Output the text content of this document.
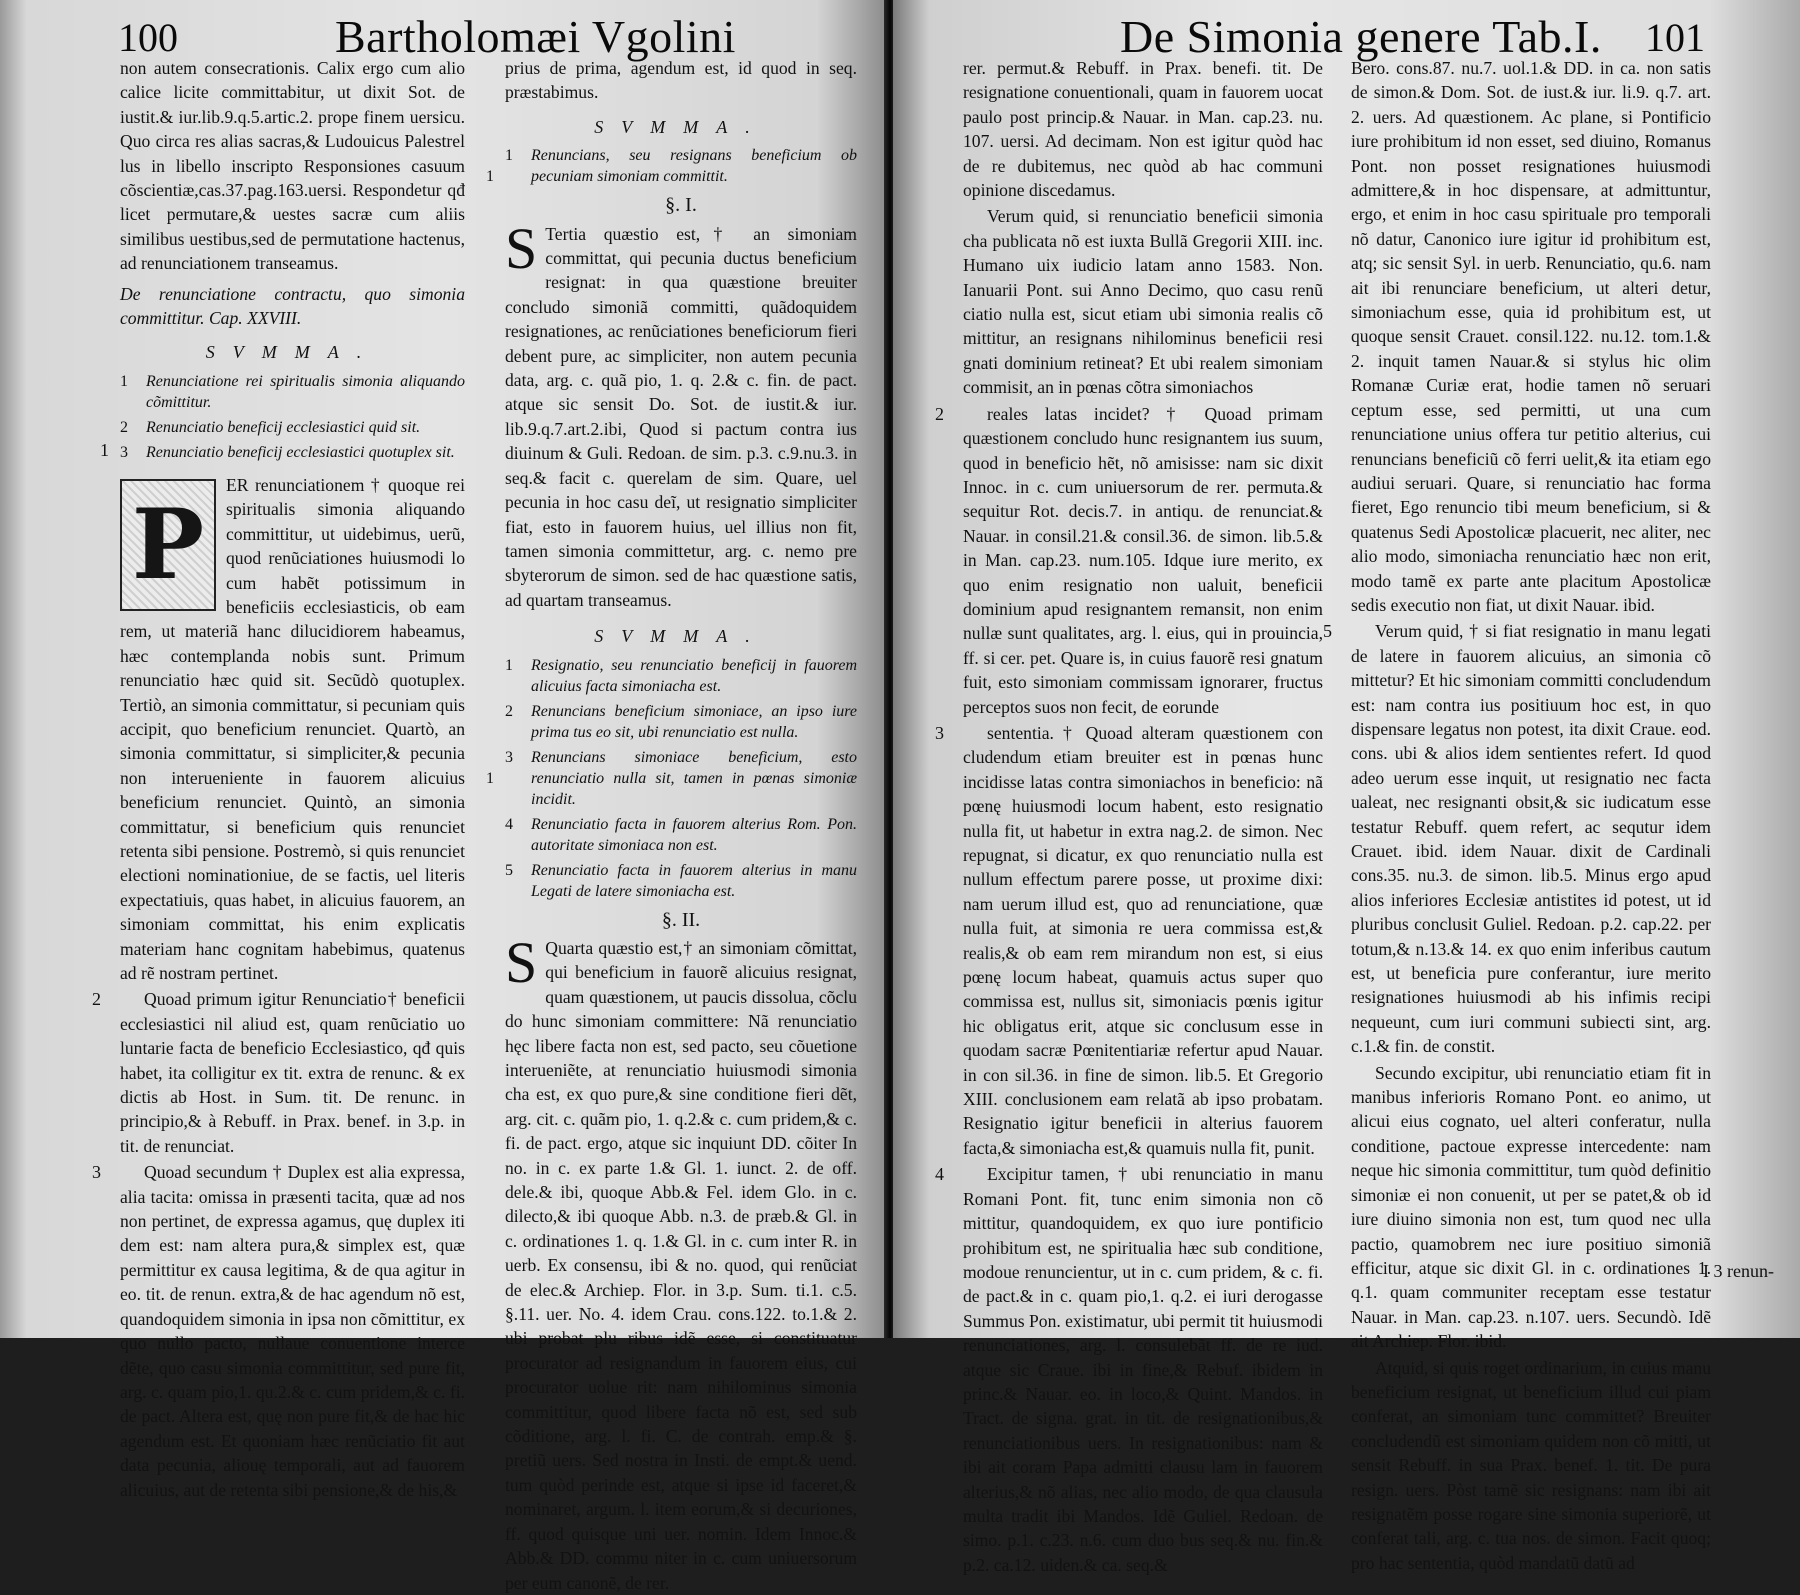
100	Bartholomæi Vgolini

non autem consecrationis. Calix ergo cum alio calice licite committabitur, ut dixit Sot. de iustit.& iur.lib.9.q.5.artic.2. prope finem uersicu. Quo circa res alias sacras,& Ludouicus Palestrel lus in libello inscripto Responsiones casuum cõscientiæ,cas.37.pag.163.uersi. Respondetur qđ licet permutare,& uestes sacræ cum aliis similibus uestibus,sed de permutatione hactenus, ad renunciationem transeamus.

De renunciatione contractu, quo simonia committitur. Cap. XXVIII.

SVMMA.

1 Renunciatione rei spiritualis simonia aliquando cõmittitur.

2 Renunciatio beneficij ecclesiastici quid sit.

3 Renunciatio beneficij ecclesiastici quotuplex sit.

P

ER renunciationem † quoque rei spiritualis simonia aliquando committitur, ut uidebimus, uerũ, quod renũciationes huiusmodi lo cum habẽt potissimum in beneficiis ecclesiasticis, ob eam rem, ut materiã hanc dilucidiorem habeamus, hæc contemplanda nobis sunt. Primum renunciatio hæc quid sit. Secũdò quotuplex. Tertiò, an simonia committatur, si pecuniam quis accipit, quo beneficium renunciet. Quartò, an simonia committatur, si simpliciter,& pecunia non interueniente in fauorem alicuius beneficium renunciet. Quintò, an simonia committatur, si beneficium quis renunciet retenta sibi pensione. Postremò, si quis renunciet electioni nominationiue, de se factis, uel literis expectatiuis, quas habet, in alicuius fauorem, an simoniam committat, his enim explicatis materiam hanc cognitam habebimus, quatenus ad rẽ nostram pertinet.

2 Quoad primum igitur Renunciatio† beneficii ecclesiastici nil aliud est, quam renũciatio uo luntarie facta de beneficio Ecclesiastico, qđ quis habet, ita colligitur ex tit. extra de renunc. & ex dictis ab Host. in Sum. tit. De renunc. in principio,& à Rebuff. in Prax. benef. in 3.p. in tit. de renunciat.

3 Quoad secundum † Duplex est alia expressa, alia tacita: omissa in præsenti tacita, quæ ad nos non pertinet, de expressa agamus, quę duplex iti dem est: nam altera pura,& simplex est, quæ permittitur ex causa legitima, & de qua agitur in eo. tit. de renun. extra,& de hac agendum nõ est, quandoquidem simonia in ipsa non cõmittitur, ex quo nullo pacto, nullaue conuentione interce dẽte, quo casu simonia committitur, sed pure fit, arg. c. quam pio,1. qu.2.& c. cum pridem,& c. fi. de pact. Altera est, quę non pure fit,& de hac hic agendum est. Et quoniam hæc renũciatio fit aut data pecunia, aliouę temporali, aut ad fauorem alicuius, aut de retenta sibi pensione,& de his,&

1

prius de prima, agendum est, id quod in seq. præstabimus.

SVMMA.

1 Renuncians, seu resignans beneficium ob pecuniam simoniam committit.

§. I.

S Tertia quæstio est,† an simoniam committat, qui pecunia ductus beneficium resignat: in qua quæstione breuiter concludo simoniã committi, quãdoquidem resignationes, ac renũciationes beneficiorum fieri debent pure, ac simpliciter, non autem pecunia data, arg. c. quã pio, 1. q. 2.& c. fin. de pact. atque sic sensit Do. Sot. de iustit.& iur. lib.9.q.7.art.2.ibi, Quod si pactum contra ius diuinum & Guli. Redoan. de sim. p.3. c.9.nu.3. in seq.& facit c. querelam de sim. Quare, uel pecunia in hoc casu deĩ, ut resignatio simpliciter fiat, esto in fauorem huius, uel illius non fit, tamen simonia committetur, arg. c. nemo pre sbyterorum de simon. sed de hac quæstione satis, ad quartam transeamus.

SVMMA.

1 Resignatio, seu renunciatio beneficij in fauorem alicuius facta simoniacha est.

2 Renuncians beneficium simoniace, an ipso iure prima tus eo sit, ubi renunciatio est nulla.

3 Renuncians simoniace beneficium, esto renunciatio nulla sit, tamen in pœnas simoniæ incidit.

4 Renunciatio facta in fauorem alterius Rom. Pon. autoritate simoniaca non est.

5 Renunciatio facta in fauorem alterius in manu Legati de latere simoniacha est.

§. II.

S Quarta quæstio est,† an simoniam cõmittat, qui beneficium in fauorẽ alicuius resignat, quam quæstionem, ut paucis dissolua, cõclu do hunc simoniam committere: Nã renunciatio hęc libere facta non est, sed pacto, seu cõuetione interueniẽte, at renunciatio huiusmodi simonia cha est, ex quo pure,& sine conditione fieri dẽt, arg. cit. c. quãm pio, 1. q.2.& c. cum pridem,& c. fi. de pact. ergo, atque sic inquiunt DD. cõiter In no. in c. ex parte 1.& Gl. 1. iunct. 2. de off. dele.& ibi, quoque Abb.& Fel. idem Glo. in c. dilecto,& ibi quoque Abb. n.3. de præb.& Gl. in c. ordinationes 1. q. 1.& Gl. in c. cum inter R. in uerb. Ex consensu, ibi & no. quod, qui renũciat de elec.& Archiep. Flor. in 3.p. Sum. ti.1. c.5. §.11. uer. No. 4. idem Crau. cons.122. to.1.& 2. ubi probat plu ribus idẽ esse, si constituatur procurator ad resignandum in fauorem eius, cui procurator uolue rit: nam nihilominus simonia committitur, quod libere facta nõ est, sed sub cõditione, arg. l. fi. C. de contrah. emp.& §. pretiũ uers. Sed nostra in Insti. de empt.& uend. tum quòd perinde est, atque si ipse id faceret,& nominaret, argum. l. item eorum,& si decuriones, ff. quod quisque uni uer. nomin. Idem Innoc.& Abb.& DD. commu niter in c. cum uniuersorum per eum canonẽ, de rer.

1
1
De Simonia genere Tab.I. 101

rer. permut.& Rebuff. in Prax. benefi. tit. De resignatione conuentionali, quam in fauorem uocat paulo post princip.& Nauar. in Man. cap.23. nu. 107. uersi. Ad decimam. Non est igitur quòd hac de re dubitemus, nec quòd ab hac communi opinione discedamus.

Verum quid, si renunciatio beneficii simonia cha publicata nõ est iuxta Bullã Gregorii XIII. inc. Humano uix iudicio latam anno 1583. Non. Ianuarii Pont. sui Anno Decimo, quo casu renũ ciatio nulla est, sicut etiam ubi simonia realis cõ mittitur, an resignans nihilominus beneficii resi gnati dominium retineat? Et ubi realem simoniam commisit, an in pœnas cõtra simoniachos

2 reales latas incidet? † Quoad primam quæstionem concludo hunc resignantem ius suum, quod in beneficio hẽt, nõ amisisse: nam sic dixit Innoc. in c. cum uniuersorum de rer. permuta.& sequitur Rot. decis.7. in antiqu. de renunciat.& Nauar. in consil.21.& consil.36. de simon. lib.5.& in Man. cap.23. num.105. Idque iure merito, ex quo enim resignatio non ualuit, beneficii dominium apud resignantem remansit, non enim nullæ sunt qualitates, arg. l. eius, qui in prouincia, ff. si cer. pet. Quare is, in cuius fauorẽ resi gnatum fuit, esto simoniam commissam ignorarer, fructus perceptos suos non fecit, de eorunde

3 sententia. † Quoad alteram quæstionem con cludendum etiam breuiter est in pœnas hunc incidisse latas contra simoniachos in beneficio: nã pœnę huiusmodi locum habent, esto resignatio nulla fit, ut habetur in extra nag.2. de simon. Nec repugnat, si dicatur, ex quo renunciatio nulla est nullum effectum parere posse, ut proxime dixi: nam uerum illud est, quo ad renunciatione, quæ nulla fuit, at simonia re uera commissa est,& realis,& ob eam rem mirandum non est, si eius pœnę locum habeat, quamuis actus super quo commissa est, nullus sit, simoniacis pœnis igitur hic obligatus erit, atque sic conclusum esse in quodam sacræ Pœnitentiariæ refertur apud Nauar. in con sil.36. in fine de simon. lib.5. Et Gregorio XIII. conclusionem eam relatã ab ipso probatam. Resignatio igitur beneficii in alterius fauorem facta,& simoniacha est,& quamuis nulla fit, punit.

4 Excipitur tamen, † ubi renunciatio in manu Romani Pont. fit, tunc enim simonia non cõ mittitur, quandoquidem, ex quo iure pontificio prohibitum est, ne spiritualia hæc sub conditione, modoue renuncientur, ut in c. cum pridem, & c. fi. de pact.& in c. quam pio,1. q.2. ei iuri derogasse Summus Pon. existimatur, ubi permit tit huiusmodi renunciationes, arg. l. consulebãt ff. de re iud. atque sic Craue. ibi in fine,& Rebuf. ibidem in princ.& Nauar. eo. in loco,& Quint. Mandos. in Tract. de signa. grat. in tit. de resignationibus,& renunciationibus uers. In resignationibus: nam & ibi ait coram Papa admitti clausu lam in fauorem alterius,& nõ alias, nec alio modo, de qua clausula multa tradit ibi Mandos. Idẽ Guliel. Redoan. de simo. p.1. c.23. n.6. cum duo bus seq.& nu. fin.& p.2. ca.12. uiden.& ca. seq.&

Bero. cons.87. nu.7. uol.1.& DD. in ca. non satis de simon.& Dom. Sot. de iust.& iur. li.9. q.7. art. 2. uers. Ad quæstionem. Ac plane, si Pontificio iure prohibitum id non esset, sed diuino, Romanus Pont. non posset resignationes huiusmodi admittere,& in hoc dispensare, at admittuntur, ergo, et enim in hoc casu spirituale pro temporali nõ datur, Canonico iure igitur id prohibitum est, atq; sic sensit Syl. in uerb. Renunciatio, qu.6. nam ait ibi renunciare beneficium, ut alteri detur, simoniachum esse, quia id prohibitum est, ut quoque sensit Crauet. consil.122. nu.12. tom.1.& 2. inquit tamen Nauar.& si stylus hic olim Romanæ Curiæ erat, hodie tamen nõ seruari ceptum esse, sed permitti, ut una cum renunciatione unius offera tur petitio alterius, cui renuncians beneficiũ cõ ferri uelit,& ita etiam ego audiui seruari. Quare, si renunciatio hac forma fieret, Ego renuncio tibi meum beneficium, si & quatenus Sedi Apostolicæ placuerit, nec aliter, nec alio modo, simoniacha renunciatio hæc non erit, modo tamẽ ex parte ante placitum Apostolicæ sedis executio non fiat, ut dixit Nauar. ibid.

5 Verum quid, † si fiat resignatio in manu legati de latere in fauorem alicuius, an simonia cõ mittetur? Et hic simoniam committi concludendum est: nam contra ius positiuum hoc est, in quo dispensare legatus non potest, ita dixit Craue. eod. cons. ubi & alios idem sentientes refert. Id quod adeo uerum esse inquit, ut resignatio nec facta ualeat, nec resignanti obsit,& sic iudicatum esse testatur Rebuff. quem refert, ac sequtur idem Crauet. ibid. idem Nauar. dixit de Cardinali cons.35. nu.3. de simon. lib.5. Minus ergo apud alios inferiores Ecclesiæ antistites id potest, ut id pluribus conclusit Guliel. Redoan. p.2. cap.22. per totum,& n.13.& 14. ex quo enim inferibus cautum est, ut beneficia pure conferantur, iure merito resignationes huiusmodi ab his infimis recipi nequeunt, cum iuri communi subiecti sint, arg. c.1.& fin. de constit.

Secundo excipitur, ubi renunciatio etiam fit in manibus inferioris Romano Pont. eo animo, ut alicui eius cognato, uel alteri conferatur, nulla conditione, pactoue expresse intercedente: nam neque hic simonia committitur, tum quòd definitio simoniæ ei non conuenit, ut per se patet,& ob id iure diuino simonia non est, tum quod nec ulla pactio, quamobrem nec iure positiuo simoniã efficitur, atque sic dixit Gl. in c. ordinationes 1. q.1. quam communiter receptam esse testatur Nauar. in Man. cap.23. n.107. uers. Secundò. Idẽ ait Archiep. Flor. ibid.

Atquid, si quis roget ordinarium, in cuius manu beneficium resignat, ut beneficium illud cui piam conferat, an simoniam tunc committet? Breuiter concludendũ est simoniam quidem non cõ mitti, ut sensit Rebuff. in sua Prax. benef. 1. tit. De pura resign. uers. Pòst tamẽ sic resignans: nam ibi ait resignatẽm posse rogare sine simonia superiorẽ, ut conferat tali, arg. c. tua nos. de simon. Facit quoq; pro hac sententia, quòd mandatũ datũ ad

I 3 renun-
